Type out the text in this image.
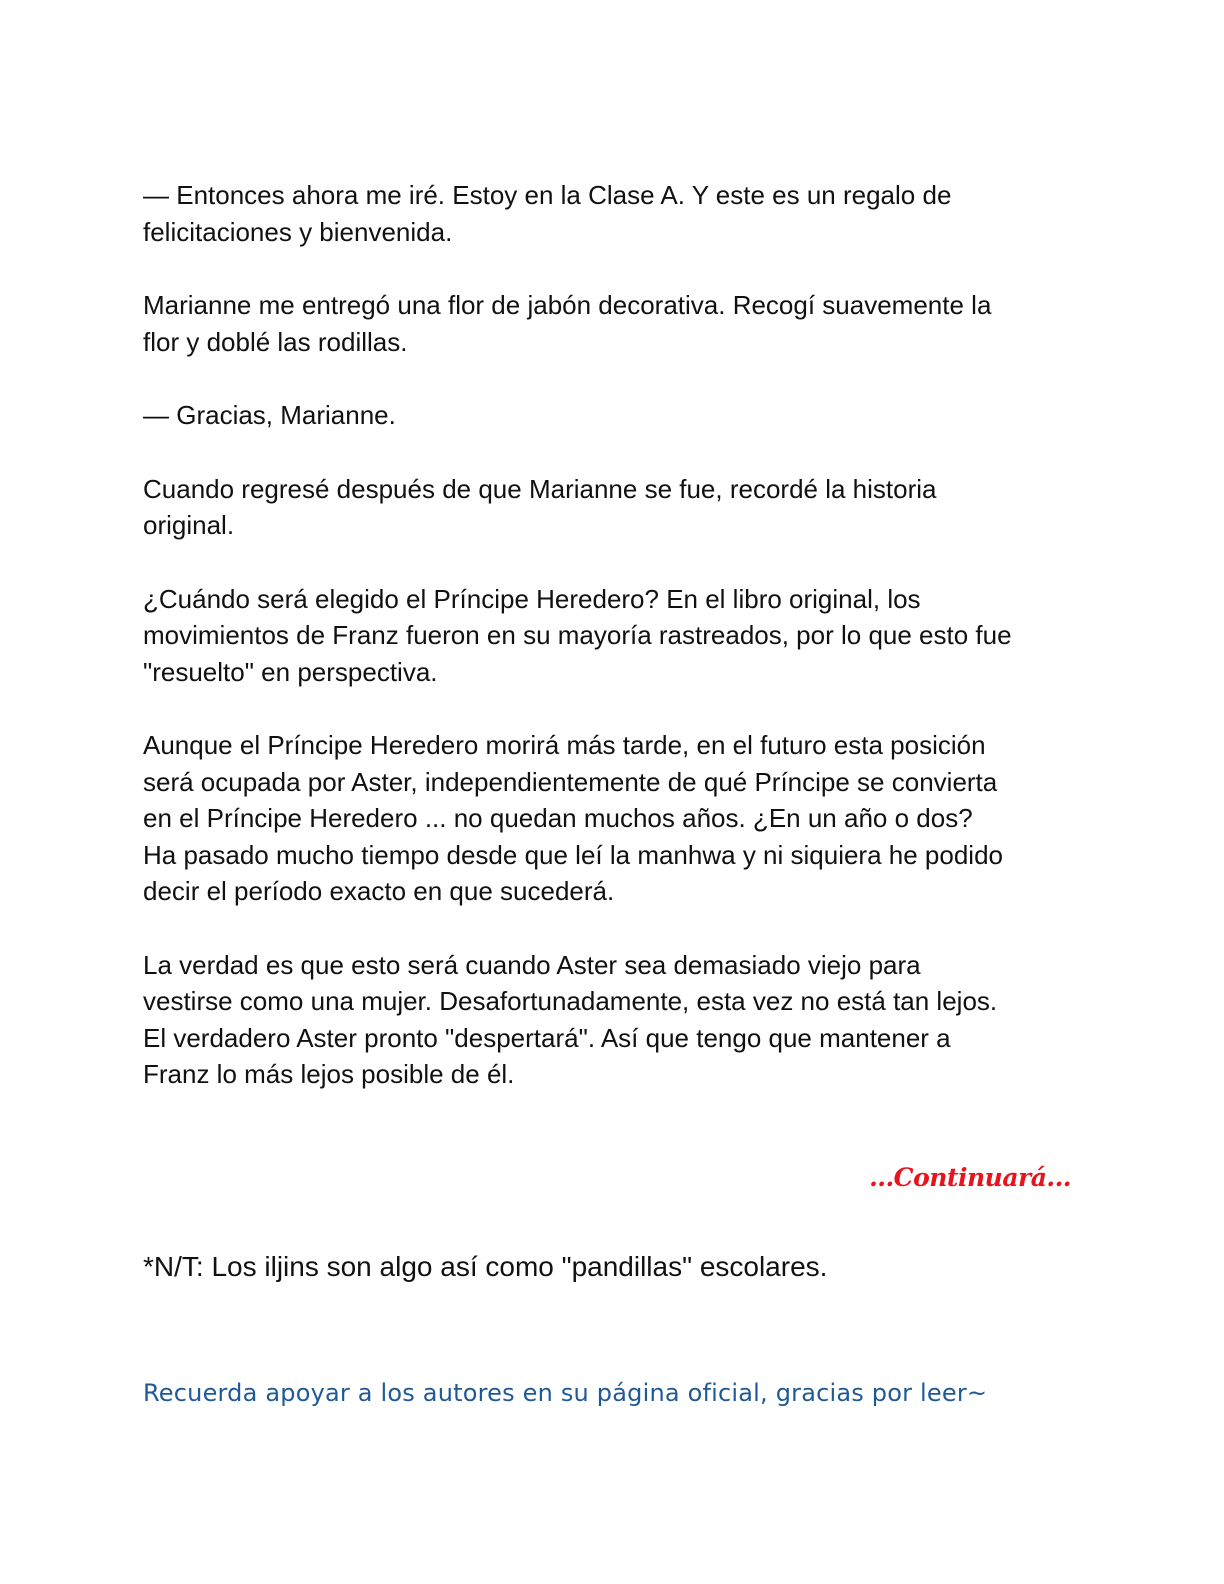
— Entonces ahora me iré. Estoy en la Clase A. Y este es un regalo de
felicitaciones y bienvenida.

Marianne me entregó una flor de jabón decorativa. Recogí suavemente la
flor y doblé las rodillas.

— Gracias, Marianne.

Cuando regresé después de que Marianne se fue, recordé la historia
original.

¿Cuándo será elegido el Príncipe Heredero? En el libro original, los
movimientos de Franz fueron en su mayoría rastreados, por lo que esto fue
"resuelto" en perspectiva.

Aunque el Príncipe Heredero morirá más tarde, en el futuro esta posición
será ocupada por Aster, independientemente de qué Príncipe se convierta
en el Príncipe Heredero ... no quedan muchos años. ¿En un año o dos?
Ha pasado mucho tiempo desde que leí la manhwa y ni siquiera he podido
decir el período exacto en que sucederá.

La verdad es que esto será cuando Aster sea demasiado viejo para
vestirse como una mujer. Desafortunadamente, esta vez no está tan lejos.
El verdadero Aster pronto "despertará". Así que tengo que mantener a
Franz lo más lejos posible de él.

...Continuará...
*N/T: Los iljins son algo así como "pandillas" escolares.
Recuerda apoyar a los autores en su página oficial, gracias por leer~
